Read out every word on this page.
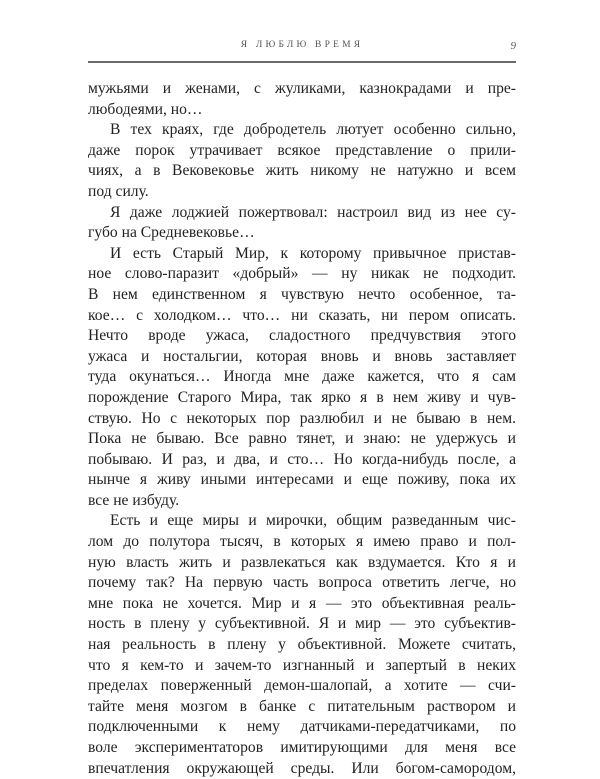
Я ЛЮБЛЮ ВРЕМЯ	9
мужьями и женами, с жуликами, казнокрадами и пре-
любодеями, но…
В тех краях, где добродетель лютует особенно сильно,
даже порок утрачивает всякое представление о прили-
чиях, а в Вековековье жить никому не натужно и всем
под силу.
Я даже лоджией пожертвовал: настроил вид из нее су-
губо на Средневековье…
И есть Старый Мир, к которому привычное пристав-
ное слово-паразит «добрый» — ну никак не подходит.
В нем единственном я чувствую нечто особенное, та-
кое… с холодком… что… ни сказать, ни пером описать.
Нечто вроде ужаса, сладостного предчувствия этого
ужаса и ностальгии, которая вновь и вновь заставляет
туда окунаться… Иногда мне даже кажется, что я сам
порождение Старого Мира, так ярко я в нем живу и чув-
ствую. Но с некоторых пор разлюбил и не бываю в нем.
Пока не бываю. Все равно тянет, и знаю: не удержусь и
побываю. И раз, и два, и сто… Но когда-нибудь после, а
нынче я живу иными интересами и еще поживу, пока их
все не избуду.
Есть и еще миры и мирочки, общим разведанным чис-
лом до полутора тысяч, в которых я имею право и пол-
ную власть жить и развлекаться как вздумается. Кто я и
почему так? На первую часть вопроса ответить легче, но
мне пока не хочется. Мир и я — это объективная реаль-
ность в плену у субъективной. Я и мир — это субъектив-
ная реальность в плену у объективной. Можете считать,
что я кем-то и зачем-то изгнанный и запертый в неких
пределах поверженный демон-шалопай, а хотите — счи-
тайте меня мозгом в банке с питательным раствором и
подключенными к нему датчиками-передатчиками, по
воле экспериментаторов имитирующими для меня все
впечатления окружающей среды. Или богом-самородом,
